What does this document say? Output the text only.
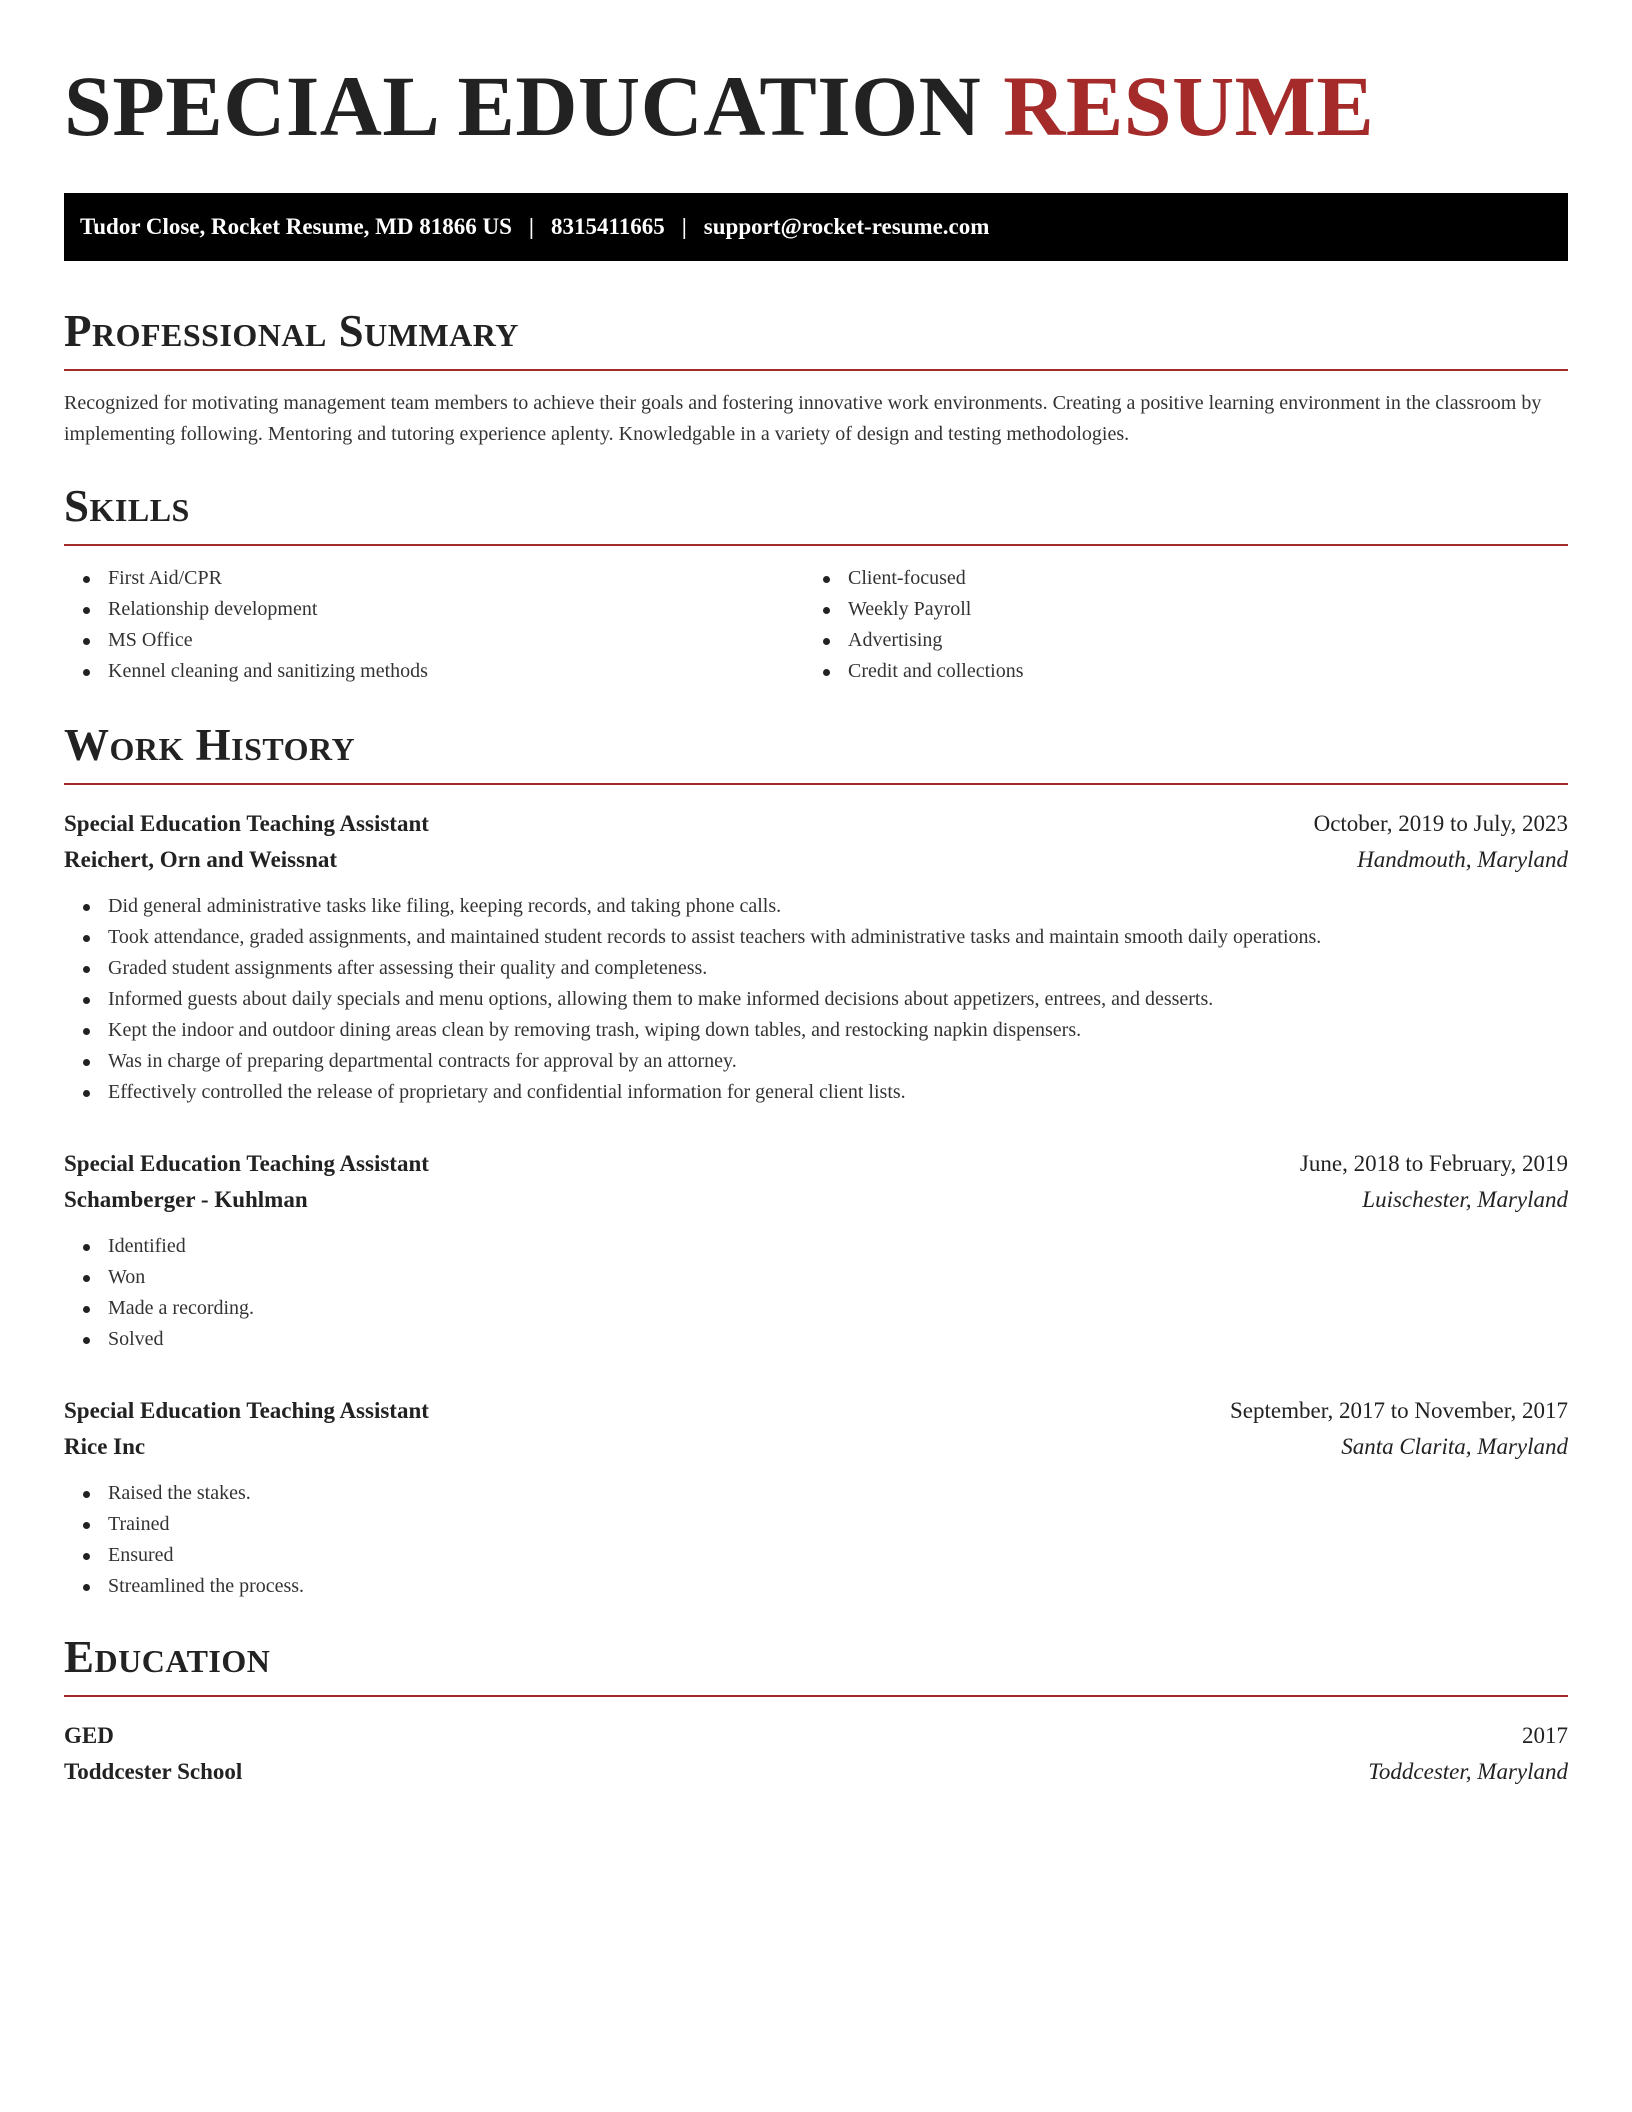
SPECIAL EDUCATION RESUME
Tudor Close, Rocket Resume, MD 81866 US | 8315411665 | support@rocket-resume.com
Professional Summary

Recognized for motivating management team members to achieve their goals and fostering innovative work environments. Creating a positive learning environment in the classroom by implementing following. Mentoring and tutoring experience aplenty. Knowledgable in a variety of design and testing methodologies.

Skills
First Aid/CPR
Relationship development
MS Office
Kennel cleaning and sanitizing methods
Client-focused
Weekly Payroll
Advertising
Credit and collections
Work History
Special Education Teaching Assistant	October, 2019 to July, 2023
Reichert, Orn and Weissnat	Handmouth, Maryland
Did general administrative tasks like filing, keeping records, and taking phone calls.
Took attendance, graded assignments, and maintained student records to assist teachers with administrative tasks and maintain smooth daily operations.
Graded student assignments after assessing their quality and completeness.
Informed guests about daily specials and menu options, allowing them to make informed decisions about appetizers, entrees, and desserts.
Kept the indoor and outdoor dining areas clean by removing trash, wiping down tables, and restocking napkin dispensers.
Was in charge of preparing departmental contracts for approval by an attorney.
Effectively controlled the release of proprietary and confidential information for general client lists.
Special Education Teaching Assistant	June, 2018 to February, 2019
Schamberger - Kuhlman	Luischester, Maryland
Identified
Won
Made a recording.
Solved
Special Education Teaching Assistant	September, 2017 to November, 2017
Rice Inc	Santa Clarita, Maryland
Raised the stakes.
Trained
Ensured
Streamlined the process.
Education
GED	2017
Toddcester School	Toddcester, Maryland
